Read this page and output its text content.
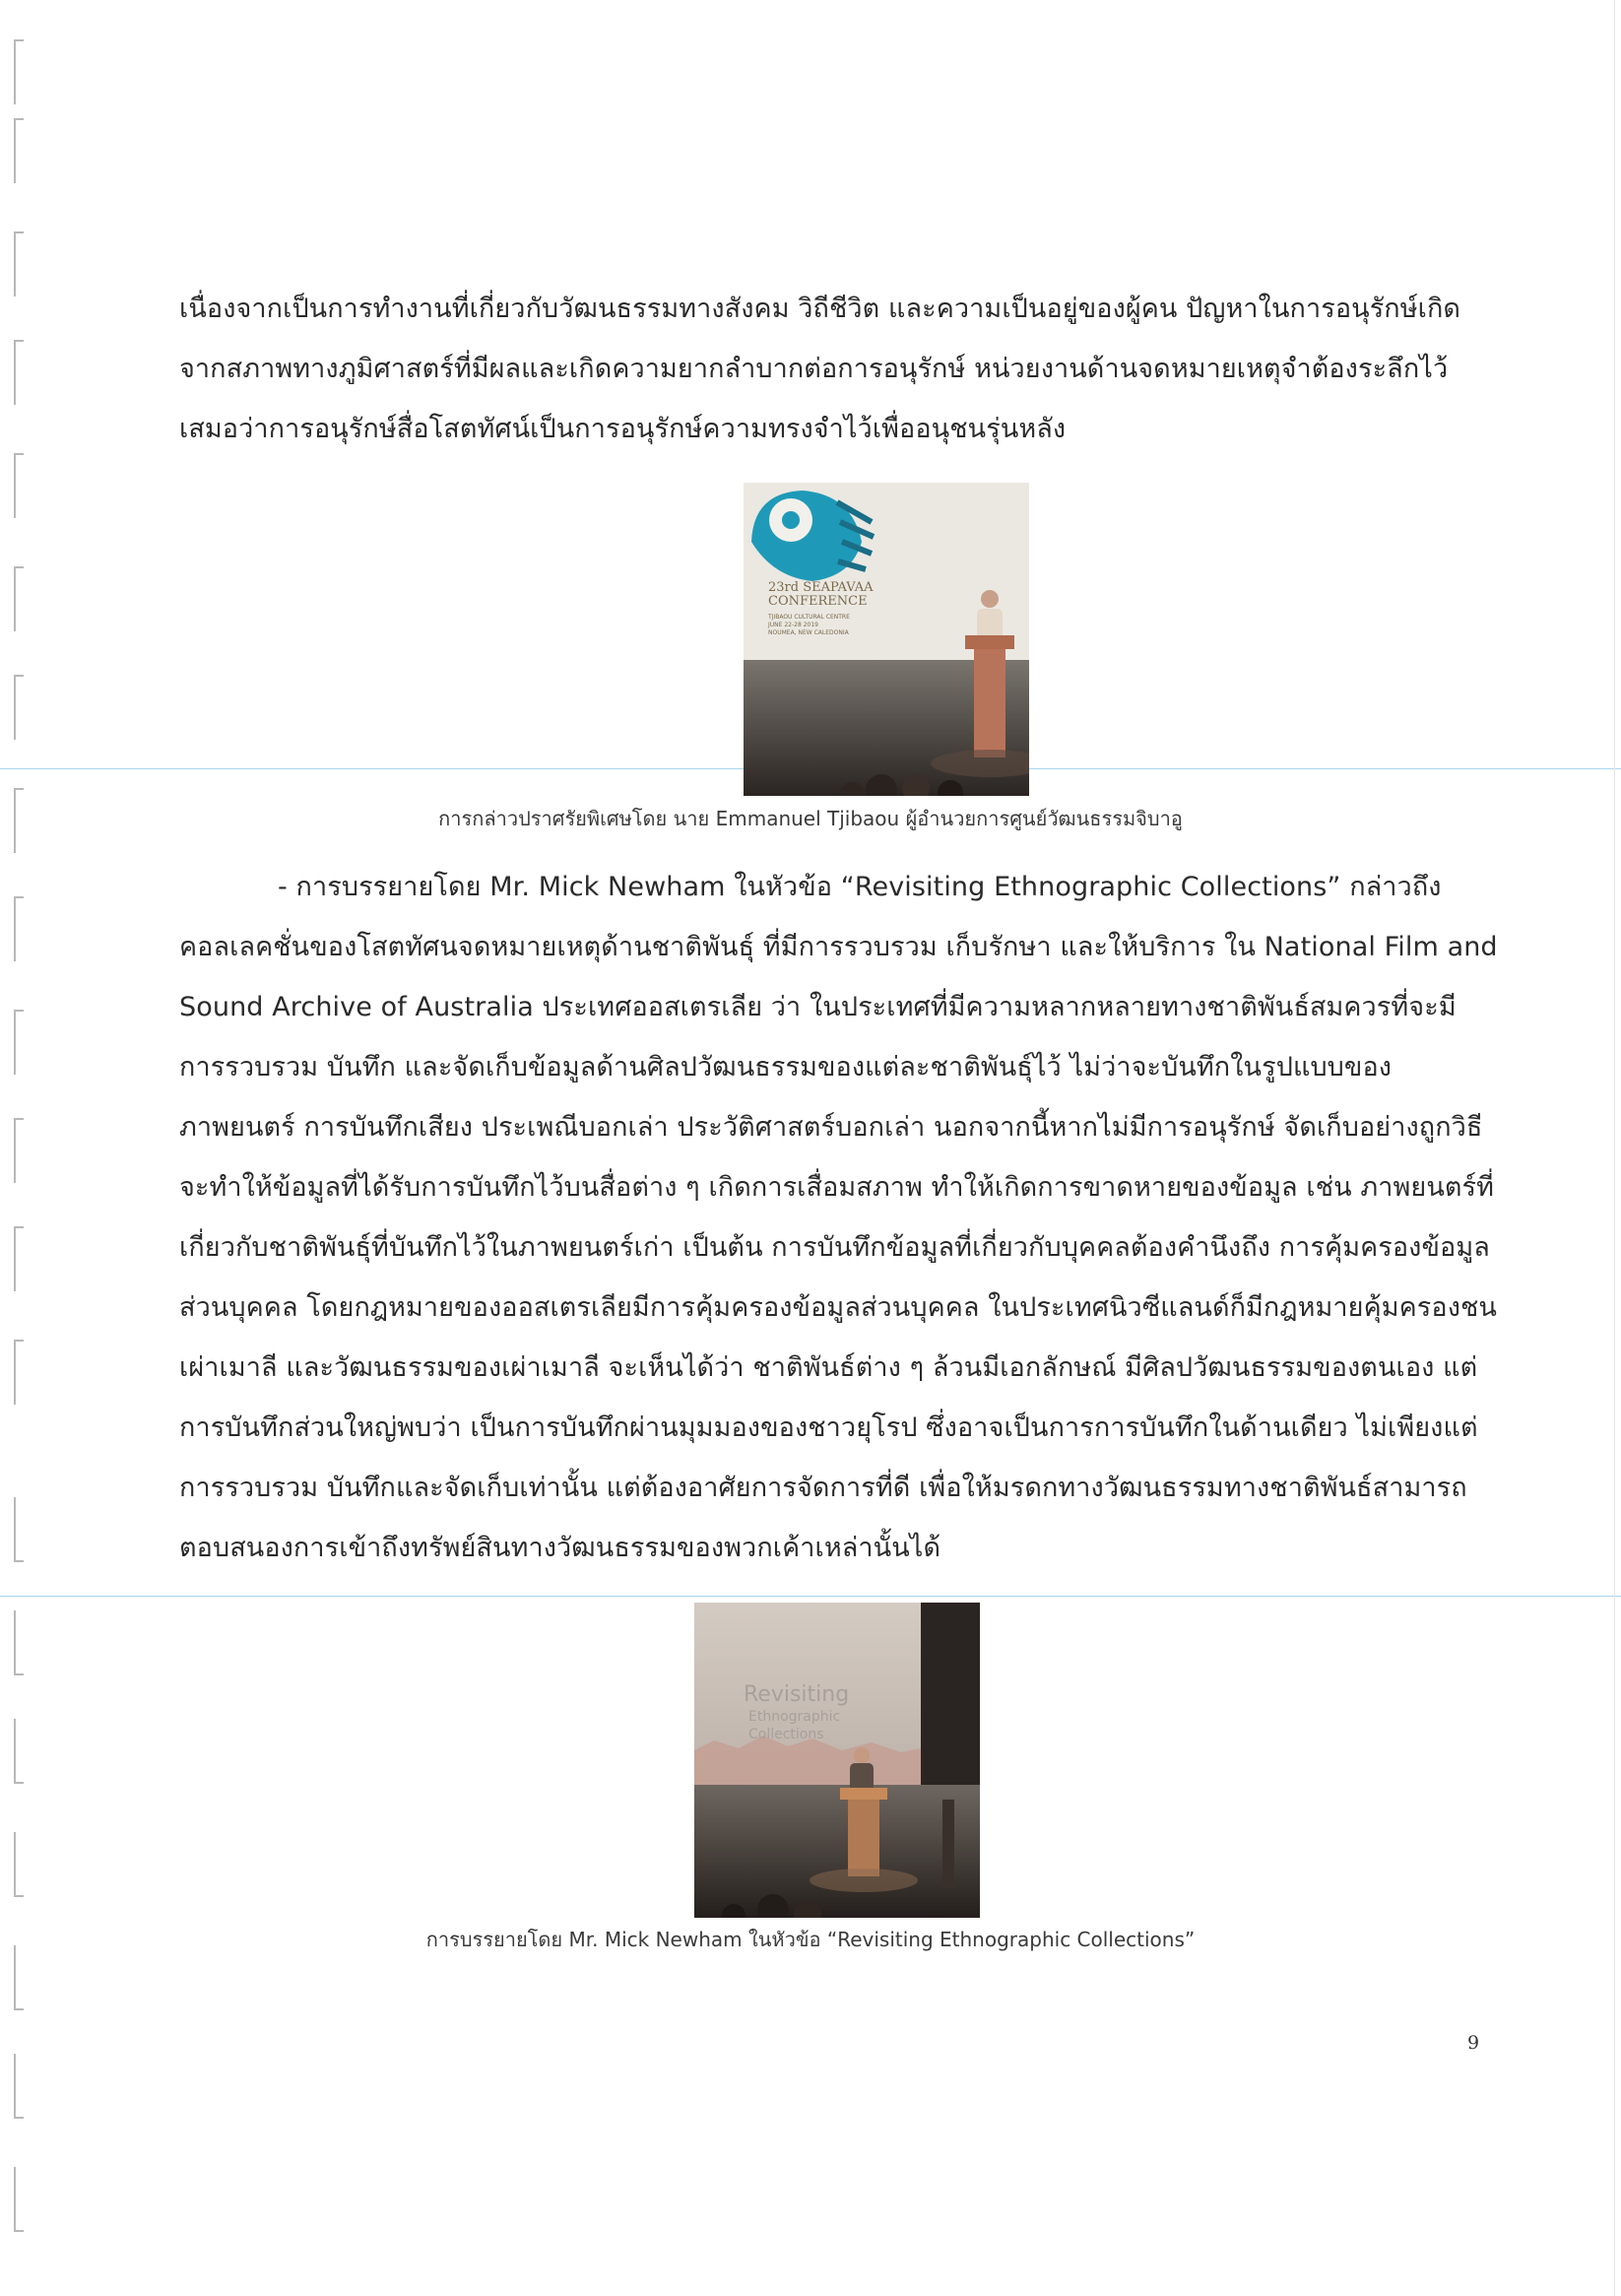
เนื่องจากเป็นการทำงานที่เกี่ยวกับวัฒนธรรมทางสังคม วิถีชีวิต และความเป็นอยู่ของผู้คน ปัญหาในการอนุรักษ์เกิดจากสภาพทางภูมิศาสตร์ที่มีผลและเกิดความยากลำบากต่อการอนุรักษ์ หน่วยงานด้านจดหมายเหตุจำต้องระลึกไว้เสมอว่าการอนุรักษ์สื่อโสตทัศน์เป็นการอนุรักษ์ความทรงจำไว้เพื่ออนุชนรุ่นหลัง

23rd SEAPAVAA
CONFERENCE
TJIBAOU CULTURAL CENTRE
JUNE 22-28 2019
NOUMEA, NEW CALEDONIA

การกล่าวปราศรัยพิเศษโดย นาย Emmanuel Tjibaou ผู้อำนวยการศูนย์วัฒนธรรมจิบาอู

- การบรรยายโดย Mr. Mick Newham ในหัวข้อ “Revisiting Ethnographic Collections” กล่าวถึงคอลเลคชั่นของโสตทัศนจดหมายเหตุด้านชาติพันธุ์ ที่มีการรวบรวม เก็บรักษา และให้บริการ ใน National Film and Sound Archive of Australia ประเทศออสเตรเลีย ว่า ในประเทศที่มีความหลากหลายทางชาติพันธ์สมควรที่จะมีการรวบรวม บันทึก และจัดเก็บข้อมูลด้านศิลปวัฒนธรรมของแต่ละชาติพันธุ์ไว้ ไม่ว่าจะบันทึกในรูปแบบของภาพยนตร์ การบันทึกเสียง ประเพณีบอกเล่า ประวัติศาสตร์บอกเล่า นอกจากนี้หากไม่มีการอนุรักษ์ จัดเก็บอย่างถูกวิธี จะทำให้ข้อมูลที่ได้รับการบันทึกไว้บนสื่อต่าง ๆ เกิดการเสื่อมสภาพ ทำให้เกิดการขาดหายของข้อมูล เช่น ภาพยนตร์ที่เกี่ยวกับชาติพันธุ์ที่บันทึกไว้ในภาพยนตร์เก่า เป็นต้น การบันทึกข้อมูลที่เกี่ยวกับบุคคลต้องคำนึงถึง การคุ้มครองข้อมูลส่วนบุคคล โดยกฎหมายของออสเตรเลียมีการคุ้มครองข้อมูลส่วนบุคคล ในประเทศนิวซีแลนด์ก็มีกฎหมายคุ้มครองชนเผ่าเมาลี และวัฒนธรรมของเผ่าเมาลี จะเห็นได้ว่า ชาติพันธ์ต่าง ๆ ล้วนมีเอกลักษณ์ มีศิลปวัฒนธรรมของตนเอง แต่การบันทึกส่วนใหญ่พบว่า เป็นการบันทึกผ่านมุมมองของชาวยุโรป ซึ่งอาจเป็นการการบันทึกในด้านเดียว ไม่เพียงแต่การรวบรวม บันทึกและจัดเก็บเท่านั้น แต่ต้องอาศัยการจัดการที่ดี เพื่อให้มรดกทางวัฒนธรรมทางชาติพันธ์สามารถตอบสนองการเข้าถึงทรัพย์สินทางวัฒนธรรมของพวกเค้าเหล่านั้นได้

Revisiting
Ethnographic
Collections

การบรรยายโดย Mr. Mick Newham ในหัวข้อ “Revisiting Ethnographic Collections”

9
